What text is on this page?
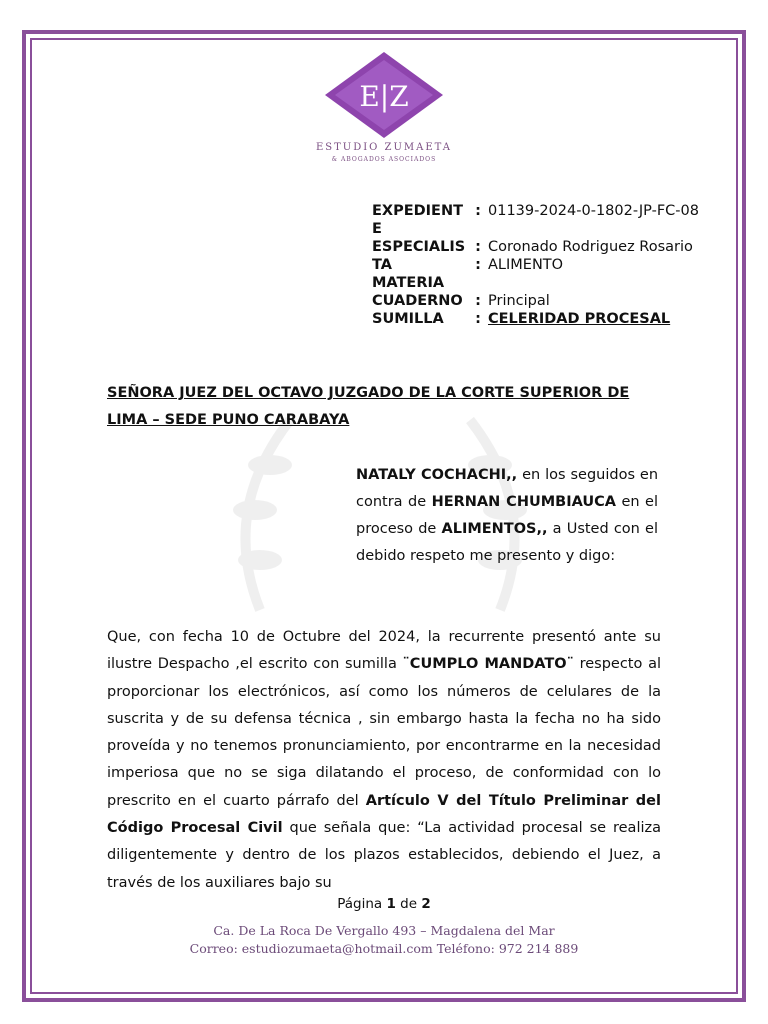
E|Z
ESTUDIO ZUMAETA
& ABOGADOS ASOCIADOS
EXPEDIENTE
: 01139-2024-0-1802-JP-FC-08
ESPECIALISTA
MATERIA
:
:
Coronado Rodriguez Rosario
ALIMENTO
CUADERNO : Principal
SUMILLA	: CELERIDAD PROCESAL
SEÑORA JUEZ DEL OCTAVO JUZGADO DE LA CORTE SUPERIOR DE LIMA – SEDE PUNO CARABAYA
NATALY COCHACHI,, en los seguidos en contra de HERNAN CHUMBIAUCA en el proceso de ALIMENTOS,, a Usted con el debido respeto me presento y digo:
Que, con fecha 10 de Octubre del 2024, la recurrente presentó ante su ilustre Despacho ,el escrito con sumilla ¨CUMPLO MANDATO¨ respecto al proporcionar los electrónicos, así como los números de celulares de la suscrita y de su defensa técnica , sin embargo hasta la fecha no ha sido proveída y no tenemos pronunciamiento, por encontrarme en la necesidad imperiosa que no se siga dilatando el proceso, de conformidad con lo prescrito en el cuarto párrafo del Artículo V del Título Preliminar del Código Procesal Civil que señala que: “La actividad procesal se realiza diligentemente y dentro de los plazos establecidos, debiendo el Juez, a través de los auxiliares bajo su
Página 1 de 2
Ca. De La Roca De Vergallo 493 – Magdalena del Mar
Correo: estudiozumaeta@hotmail.com Teléfono: 972 214 889
